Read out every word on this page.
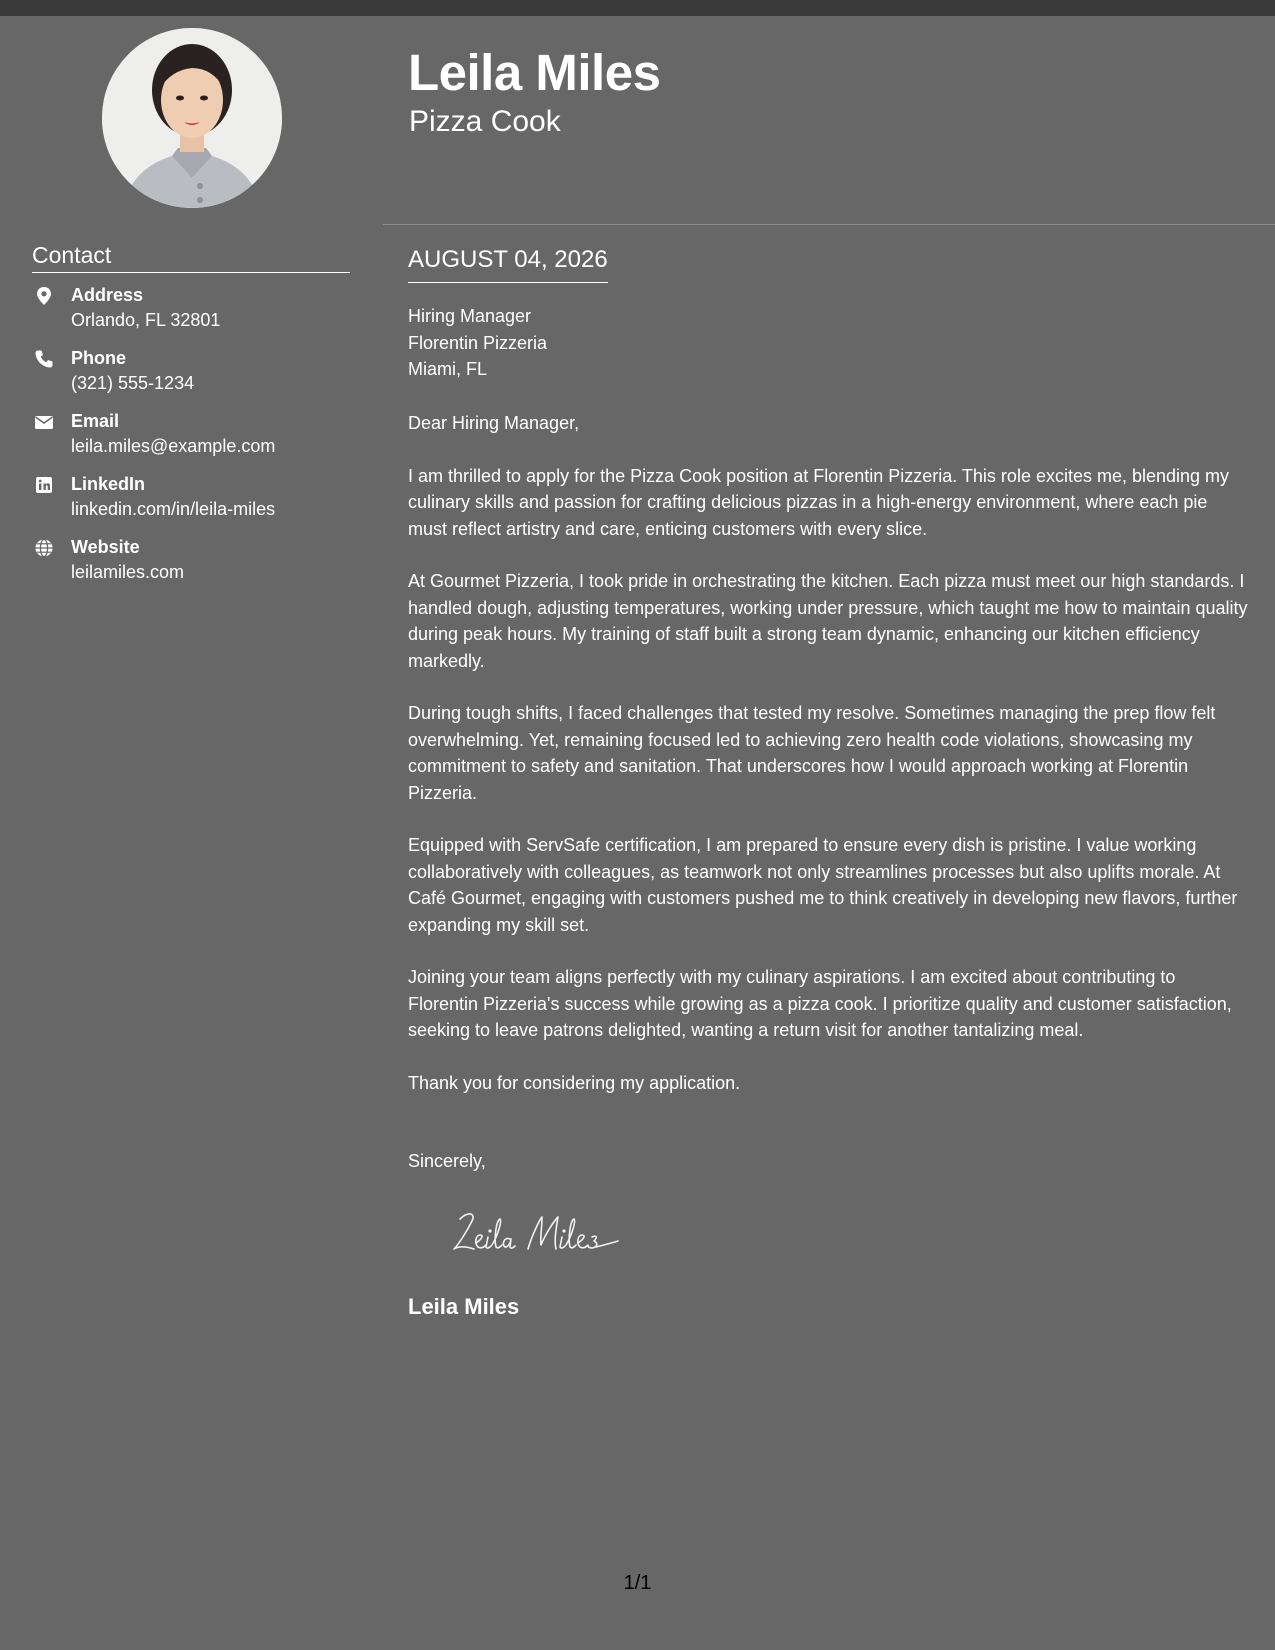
Contact
Address
Orlando, FL 32801
Phone
(321) 555-1234
Email
leila.miles@example.com
LinkedIn
linkedin.com/in/leila-miles
Website
leilamiles.com
Leila Miles
Pizza Cook
AUGUST 04, 2026
Hiring Manager
Florentin Pizzeria
Miami, FL

Dear Hiring Manager,

I am thrilled to apply for the Pizza Cook position at Florentin Pizzeria. This role excites me, blending my culinary skills and passion for crafting delicious pizzas in a high-energy environment, where each pie must reflect artistry and care, enticing customers with every slice.

At Gourmet Pizzeria, I took pride in orchestrating the kitchen. Each pizza must meet our high standards. I handled dough, adjusting temperatures, working under pressure, which taught me how to maintain quality during peak hours. My training of staff built a strong team dynamic, enhancing our kitchen efficiency markedly.

During tough shifts, I faced challenges that tested my resolve. Sometimes managing the prep flow felt overwhelming. Yet, remaining focused led to achieving zero health code violations, showcasing my commitment to safety and sanitation. That underscores how I would approach working at Florentin Pizzeria.

Equipped with ServSafe certification, I am prepared to ensure every dish is pristine. I value working collaboratively with colleagues, as teamwork not only streamlines processes but also uplifts morale. At Café Gourmet, engaging with customers pushed me to think creatively in developing new flavors, further expanding my skill set.

Joining your team aligns perfectly with my culinary aspirations. I am excited about contributing to Florentin Pizzeria's success while growing as a pizza cook. I prioritize quality and customer satisfaction, seeking to leave patrons delighted, wanting a return visit for another tantalizing meal.

Thank you for considering my application.

Sincerely,
Leila Miles
1/1
